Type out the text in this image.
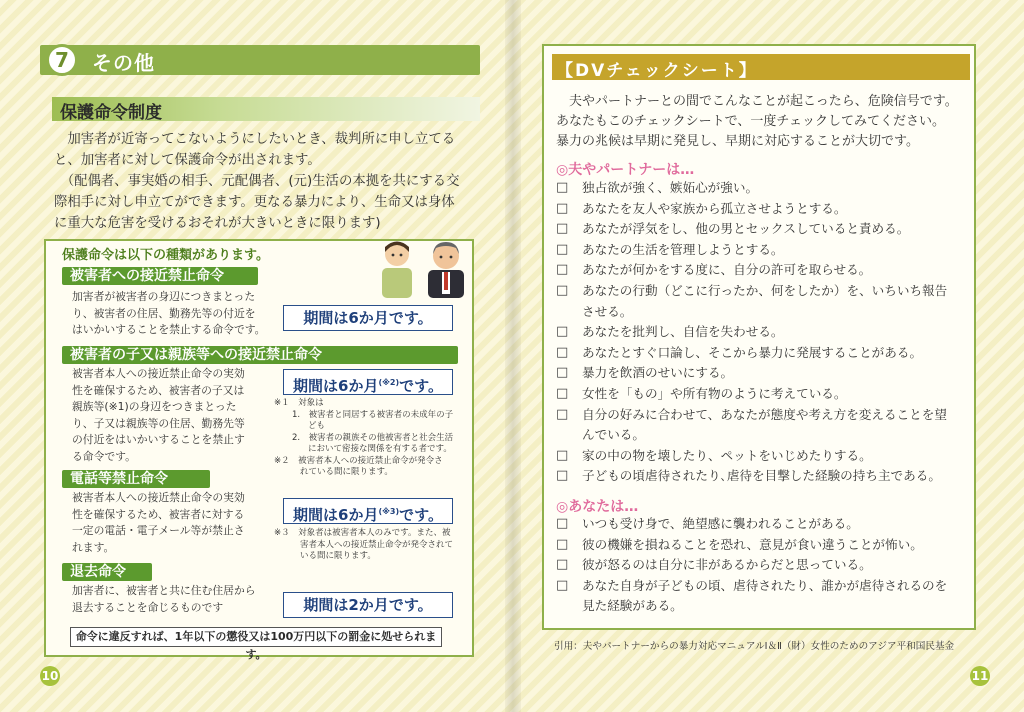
7	その他
保護命令制度
加害者が近寄ってこないようにしたいとき、裁判所に申し立てる
と、加害者に対して保護命令が出されます。
（配偶者、事実婚の相手、元配偶者、(元)生活の本拠を共にする交
際相手に対し申立てができます。更なる暴力により、生命又は身体
に重大な危害を受けるおそれが大きいときに限ります)
保護命令は以下の種類があります。
被害者への接近禁止命令
加害者が被害者の身辺につきまとった
り、被害者の住居、勤務先等の付近を
はいかいすることを禁止する命令です。
期間は6か月です。
被害者の子又は親族等への接近禁止命令
被害者本人への接近禁止命令の実効
性を確保するため、被害者の子又は
親族等(※1)の身辺をつきまとった
り、子又は親族等の住居、勤務先等
の付近をはいかいすることを禁止す
る命令です。
期間は6か月$^{(※2)}$です。
※１　対象は
1.　被害者と同居する被害者の未成年の子
ども
2.　被害者の親族その他被害者と社会生活
において密接な関係を有する者です。
※２　被害者本人への接近禁止命令が発令さ
れている間に限ります。
電話等禁止命令
被害者本人への接近禁止命令の実効
性を確保するため、被害者に対する
一定の電話・電子メール等が禁止さ
れます。
期間は6か月$^{(※3)}$です。
※３　対象者は被害者本人のみです。また、被
害者本人への接近禁止命令が発令されて
いる間に限ります。
退去命令
加害者に、被害者と共に住む住居から
退去することを命じるものです	期間は2か月です。
命令に違反すれば、1年以下の懲役又は100万円以下の罰金に処せられます。
10
【DVチェックシート】
夫やパートナーとの間でこんなことが起こったら、危険信号です。
あなたもこのチェックシートで、一度チェックしてみてください。
暴力の兆候は早期に発見し、早期に対応することが大切です。
◎夫やパートナーは…
□ 独占欲が強く、嫉妬心が強い。
□ あなたを友人や家族から孤立させようとする。
□ あなたが浮気をし、他の男とセックスしていると責める。
□ あなたの生活を管理しようとする。
□ あなたが何かをする度に、自分の許可を取らせる。
□ あなたの行動（どこに行ったか、何をしたか）を、いちいち報告
させる。
□ あなたを批判し、自信を失わせる。
□ あなたとすぐ口論し、そこから暴力に発展することがある。
□ 暴力を飲酒のせいにする。
□ 女性を「もの」や所有物のように考えている。
□ 自分の好みに合わせて、あなたが態度や考え方を変えることを望
んでいる。
□ 家の中の物を壊したり、ペットをいじめたりする。
□ 子どもの頃虐待されたり､虐待を目撃した経験の持ち主である。
◎あなたは…
□ いつも受け身で、絶望感に襲われることがある。
□ 彼の機嫌を損ねることを恐れ、意見が食い違うことが怖い。
□ 彼が怒るのは自分に非があるからだと思っている。
□ あなた自身が子どもの頃、虐待されたり、誰かが虐待されるのを
見た経験がある。
引用：夫やパートナーからの暴力対応マニュアルⅠ＆Ⅱ（財）女性のためのアジア平和国民基金
11
